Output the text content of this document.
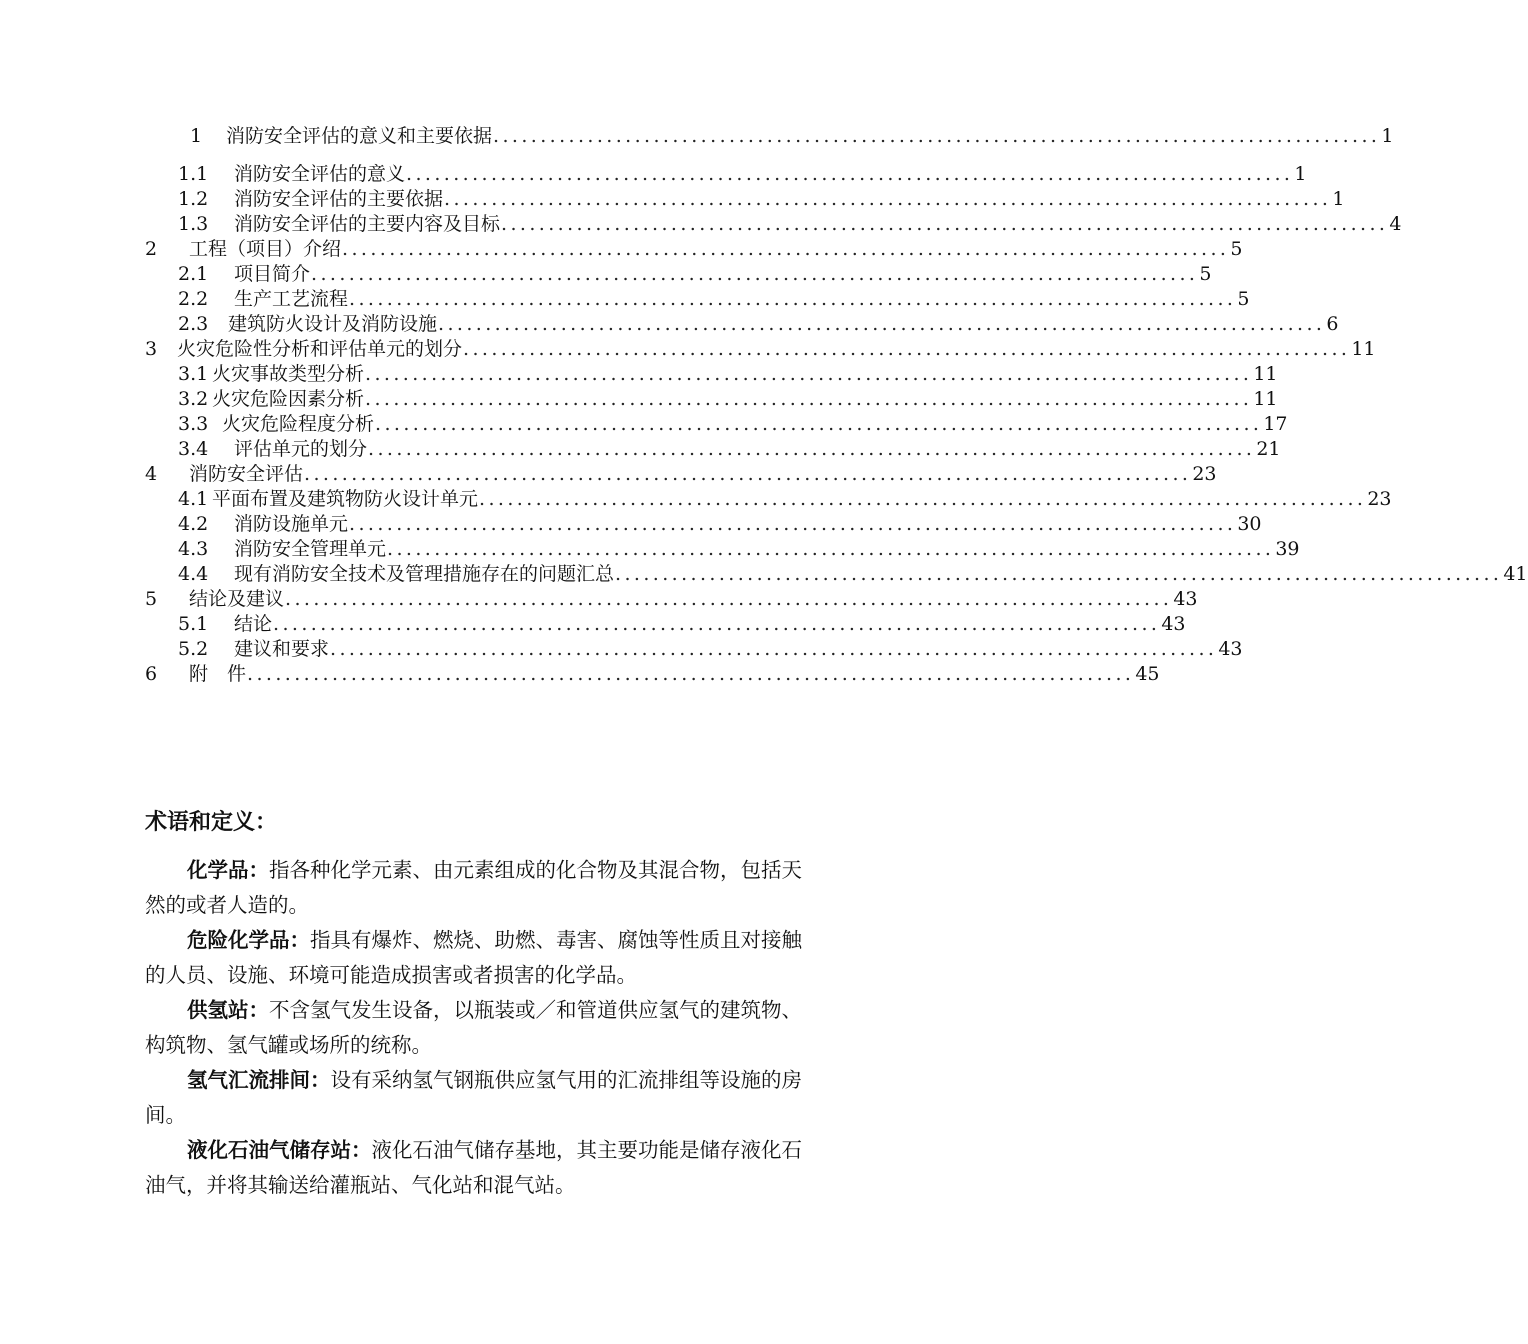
1	消防安全评估的意义和主要依据 .............................................................................................. 1
1.1	消防安全评估的意义 .............................................................................................. 1
1.2	消防安全评估的主要依据 .............................................................................................. 1
1.3	消防安全评估的主要内容及目标 .............................................................................................. 4
2	工程（项目）介绍 .............................................................................................. 5
2.1	项目简介 .............................................................................................. 5
2.2	生产工艺流程 .............................................................................................. 5
2.3	建筑防火设计及消防设施 .............................................................................................. 6
3	火灾危险性分析和评估单元的划分 .............................................................................................. 11
3.1 火灾事故类型分析 .............................................................................................. 11
3.2 火灾危险因素分析 .............................................................................................. 11
3.3 火灾危险程度分析 .............................................................................................. 17
3.4	评估单元的划分 .............................................................................................. 21
4	消防安全评估 .............................................................................................. 23
4.1 平面布置及建筑物防火设计单元 .............................................................................................. 23
4.2	消防设施单元 .............................................................................................. 30
4.3	消防安全管理单元 .............................................................................................. 39
4.4	现有消防安全技术及管理措施存在的问题汇总 .............................................................................................. 41
5	结论及建议 .............................................................................................. 43
5.1	结论 .............................................................................................. 43
5.2	建议和要求 .............................................................................................. 43
6	附　件 .............................................................................................. 45
术语和定义：

化学品：指各种化学元素、由元素组成的化合物及其混合物，包括天然的或者人造的。

危险化学品：指具有爆炸、燃烧、助燃、毒害、腐蚀等性质且对接触的人员、设施、环境可能造成损害或者损害的化学品。

供氢站：不含氢气发生设备，以瓶装或／和管道供应氢气的建筑物、构筑物、氢气罐或场所的统称。

氢气汇流排间：设有采纳氢气钢瓶供应氢气用的汇流排组等设施的房间。

液化石油气储存站：液化石油气储存基地，其主要功能是储存液化石油气，并将其输送给灌瓶站、气化站和混气站。
